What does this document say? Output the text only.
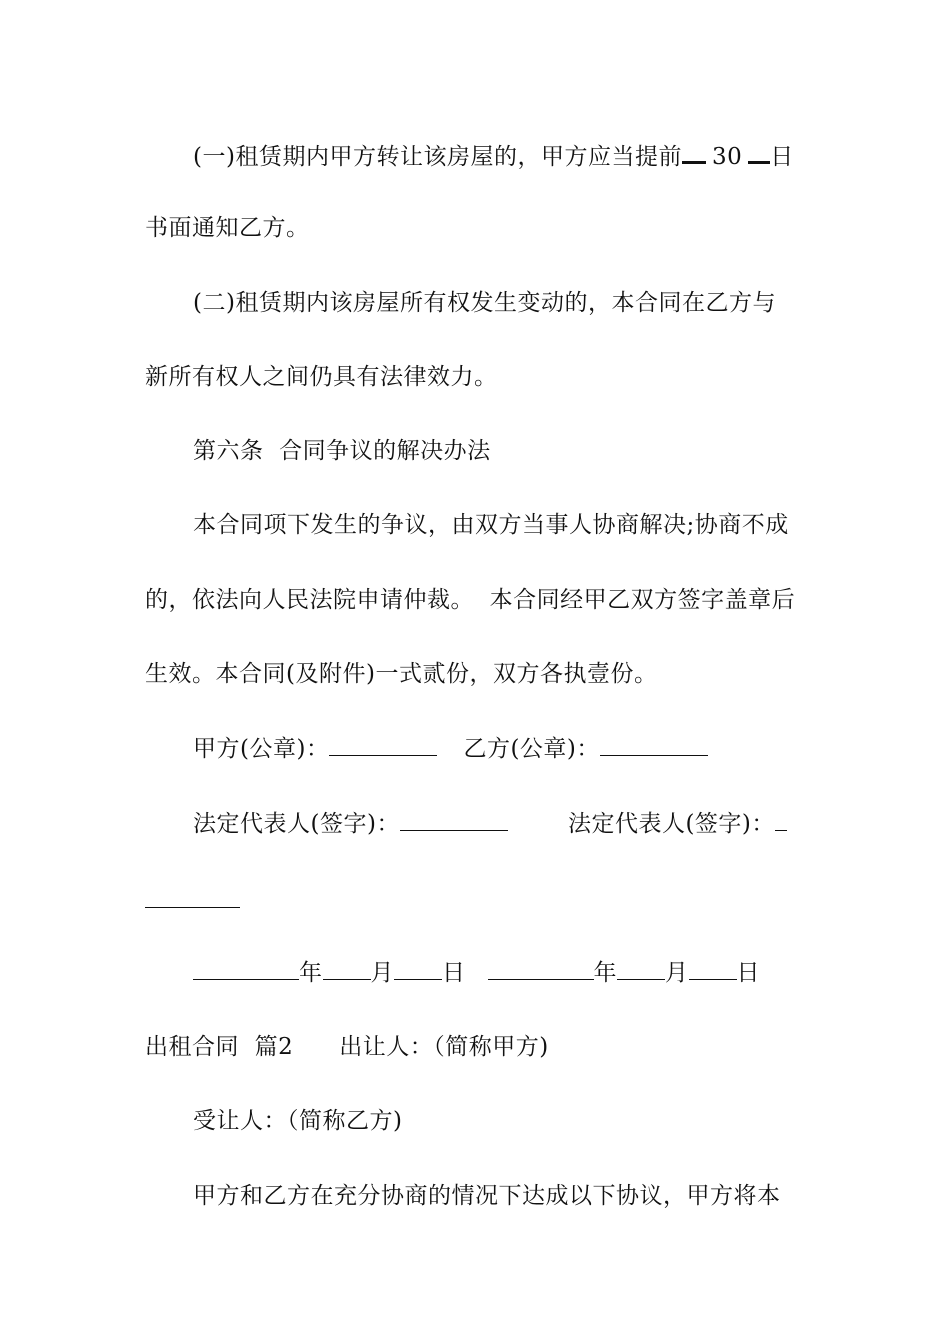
(一)租赁期内甲方转让该房屋的，甲方应当提前 30 日
书面通知乙方。
(二)租赁期内该房屋所有权发生变动的，本合同在乙方与
新所有权人之间仍具有法律效力。
第六条  合同争议的解决办法
本合同项下发生的争议，由双方当事人协商解决;协商不成
的，依法向人民法院申请仲裁。  本合同经甲乙双方签字盖章后
生效。本合同(及附件)一式贰份，双方各执壹份。
甲方(公章)：	乙方(公章)：
法定代表人(签字)：	法定代表人(签字)：
年 月 日	年 月 日
出租合同  篇2 出让人：（简称甲方)
受让人：（简称乙方)
甲方和乙方在充分协商的情况下达成以下协议，甲方将本
